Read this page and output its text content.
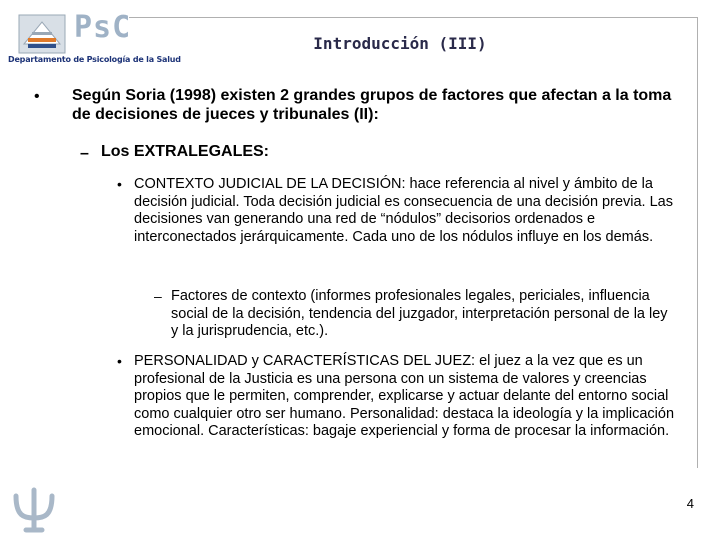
PsC
Departamento de Psicología de la Salud
Introducción (III)
• Según Soria (1998) existen 2 grandes grupos de factores que afectan a la toma de decisiones de jueces y tribunales (II):
– Los EXTRALEGALES:
• CONTEXTO JUDICIAL DE LA DECISIÓN: hace referencia al nivel y ámbito de la decisión judicial. Toda decisión judicial es consecuencia de una decisión previa. Las decisiones van generando una red de “nódulos” decisorios ordenados e interconectados jerárquicamente. Cada uno de los nódulos influye en los demás.
– Factores de contexto (informes profesionales legales, periciales, influencia social de la decisión, tendencia del juzgador, interpretación personal de la ley y la jurisprudencia, etc.).
• PERSONALIDAD y CARACTERÍSTICAS DEL JUEZ: el juez a la vez que es un profesional de la Justicia es una persona con un sistema de valores y creencias propios que le permiten, comprender, explicarse y actuar delante del entorno social como cualquier otro ser humano. Personalidad: destaca la ideología y la implicación emocional. Características: bagaje experiencial y forma de procesar la información.
4
